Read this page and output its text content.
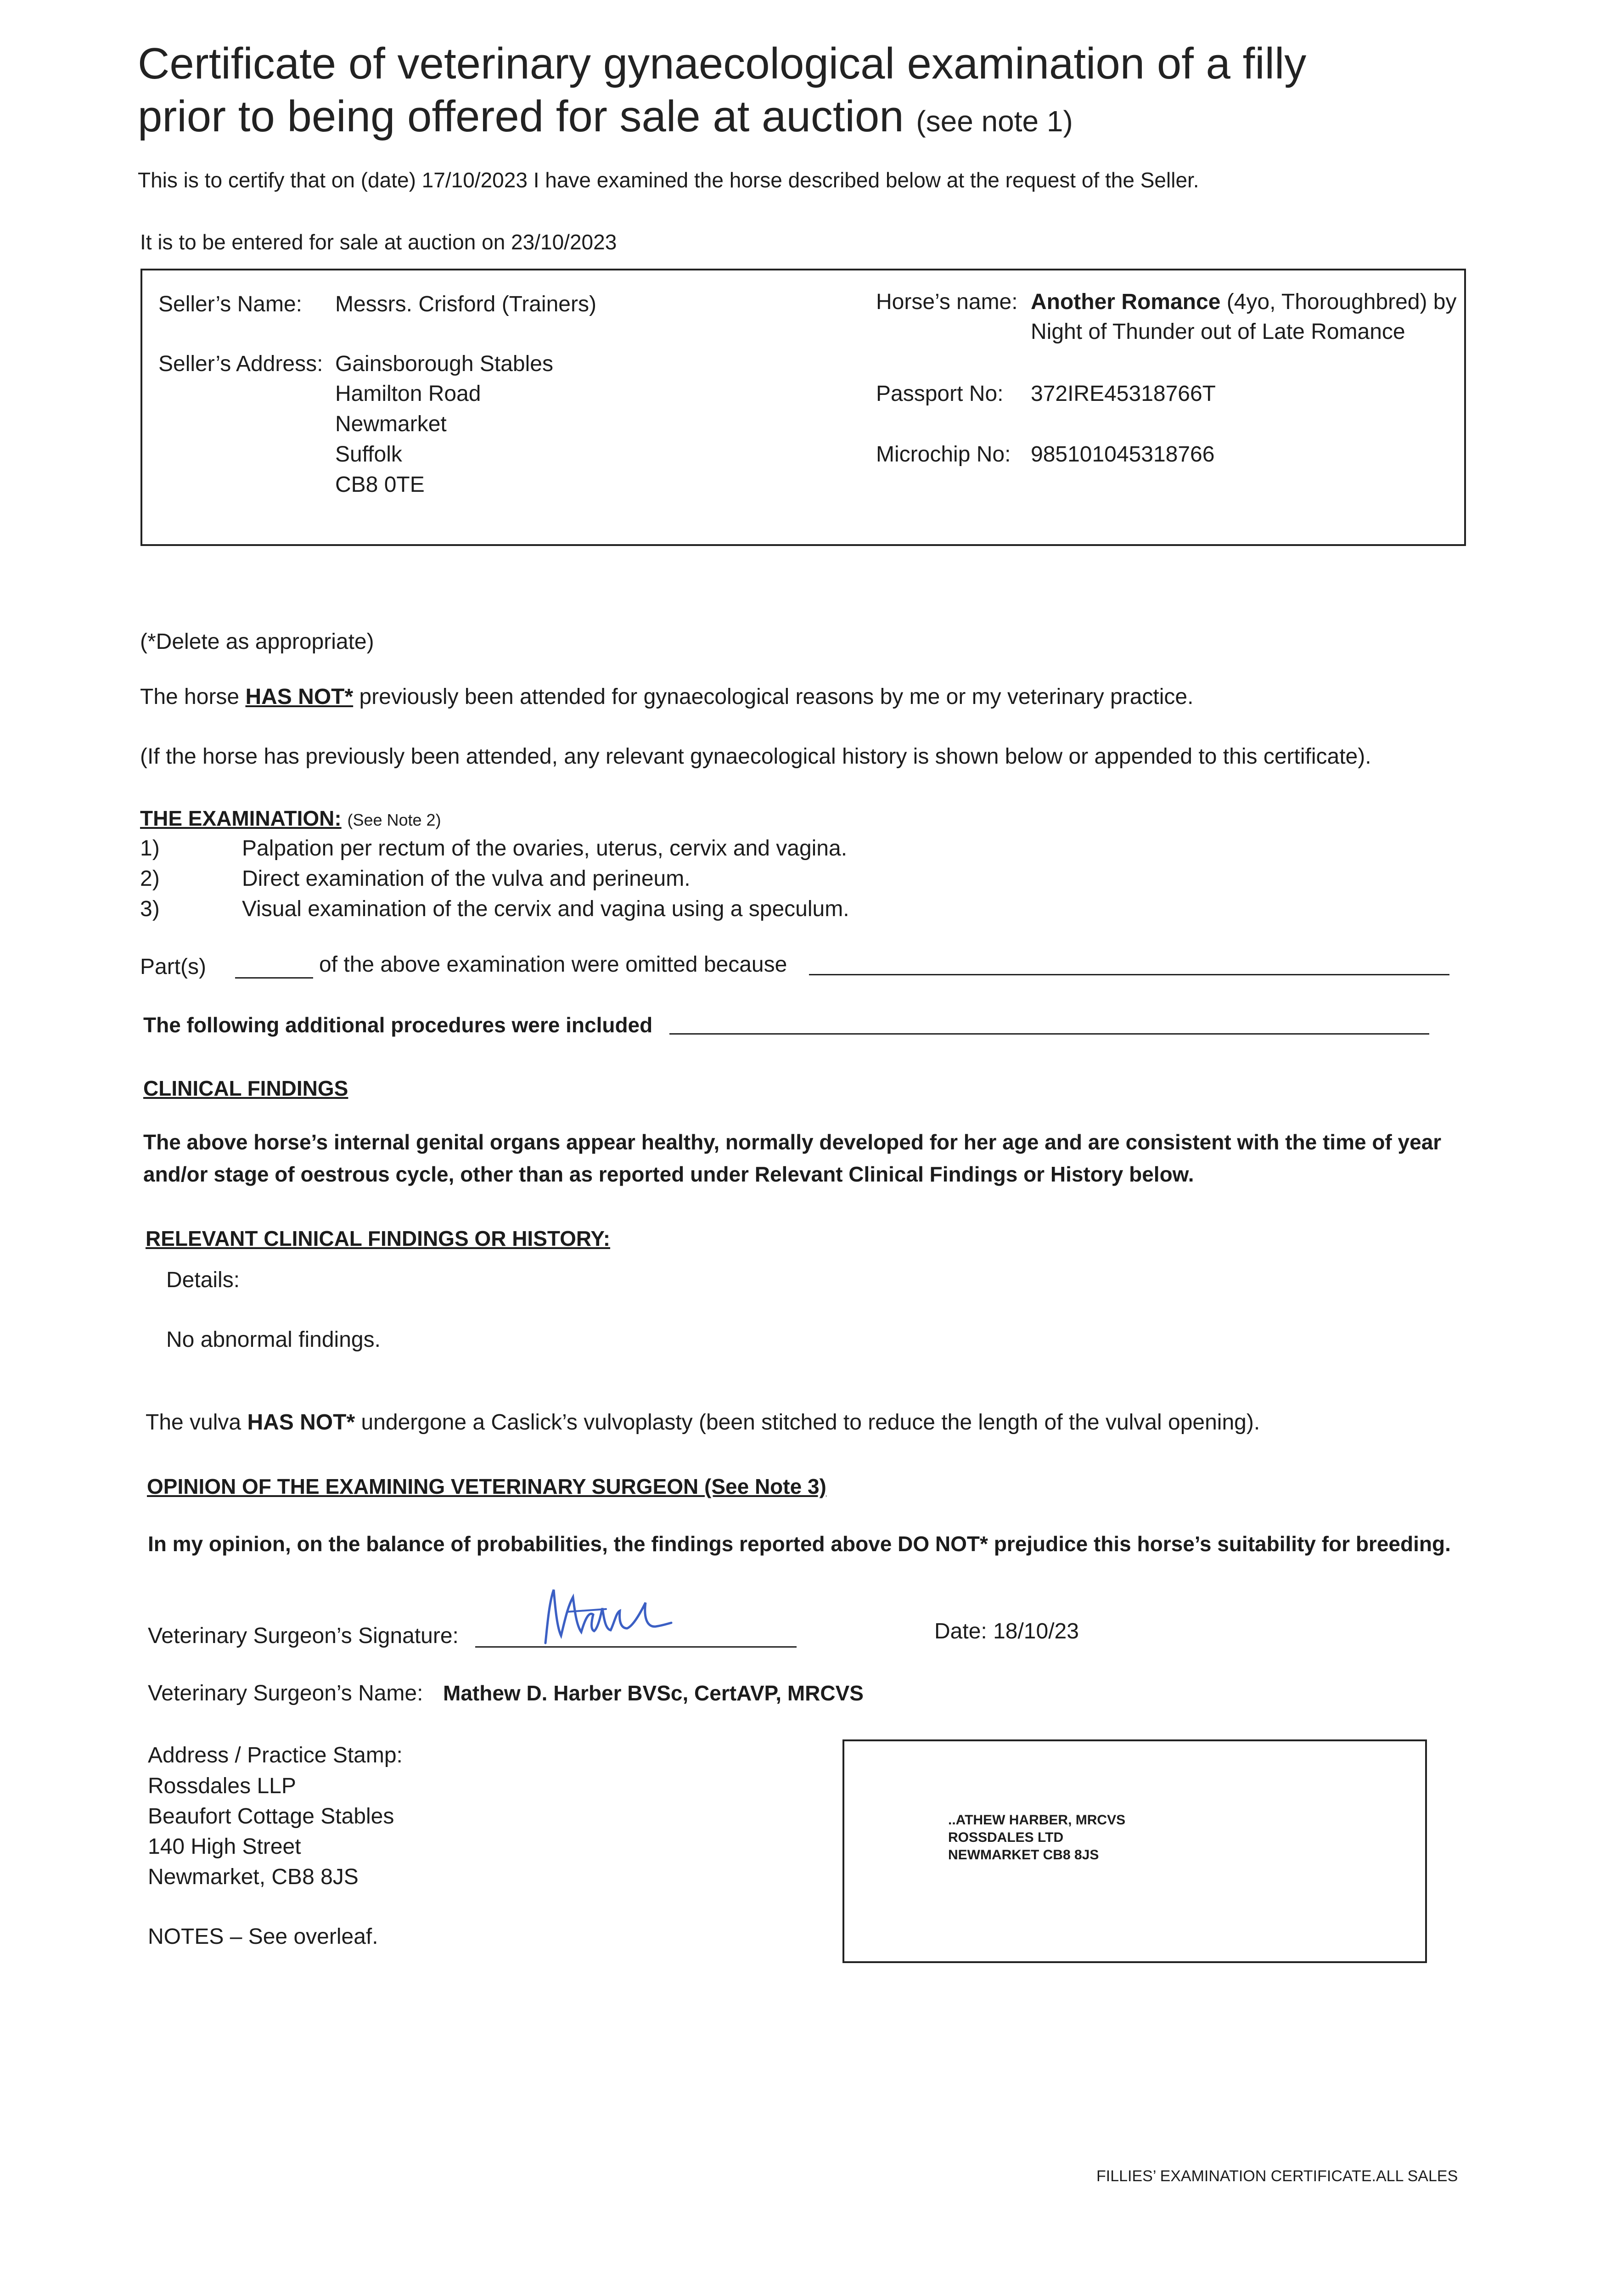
Certificate of veterinary gynaecological examination of a filly
prior to being offered for sale at auction (see note 1)
This is to certify that on (date) 17/10/2023 I have examined the horse described below at the request of the Seller.
It is to be entered for sale at auction on 23/10/2023
Seller’s Name: Messrs. Crisford (Trainers)
Seller’s Address: Gainsborough Stables
Hamilton Road
Newmarket
Suffolk
CB8 0TE
Horse’s name: Another Romance (4yo, Thoroughbred) by
Night of Thunder out of Late Romance
Passport No: 372IRE45318766T
Microchip No: 985101045318766
(*Delete as appropriate)
The horse HAS NOT* previously been attended for gynaecological reasons by me or my veterinary practice.
(If the horse has previously been attended, any relevant gynaecological history is shown below or appended to this certificate).
THE EXAMINATION: (See Note 2)
1)	Palpation per rectum of the ovaries, uterus, cervix and vagina.
2)	Direct examination of the vulva and perineum.
3)	Visual examination of the cervix and vagina using a speculum.
Part(s)	of the above examination were omitted because
The following additional procedures were included
CLINICAL FINDINGS
The above horse’s internal genital organs appear healthy, normally developed for her age and are consistent with the time of year
and/or stage of oestrous cycle, other than as reported under Relevant Clinical Findings or History below.
RELEVANT CLINICAL FINDINGS OR HISTORY:
Details:
No abnormal findings.
The vulva HAS NOT* undergone a Caslick’s vulvoplasty (been stitched to reduce the length of the vulval opening).
OPINION OF THE EXAMINING VETERINARY SURGEON (See Note 3)
In my opinion, on the balance of probabilities, the findings reported above DO NOT* prejudice this horse’s suitability for breeding.
Veterinary Surgeon’s Signature:	Date: 18/10/23
Veterinary Surgeon’s Name: Mathew D. Harber BVSc, CertAVP, MRCVS
Address / Practice Stamp:
Rossdales LLP
Beaufort Cottage Stables
140 High Street
Newmarket, CB8 8JS
NOTES – See overleaf.
..ATHEW HARBER, MRCVS
ROSSDALES LTD
NEWMARKET CB8 8JS
FILLIES’ EXAMINATION CERTIFICATE.ALL SALES
